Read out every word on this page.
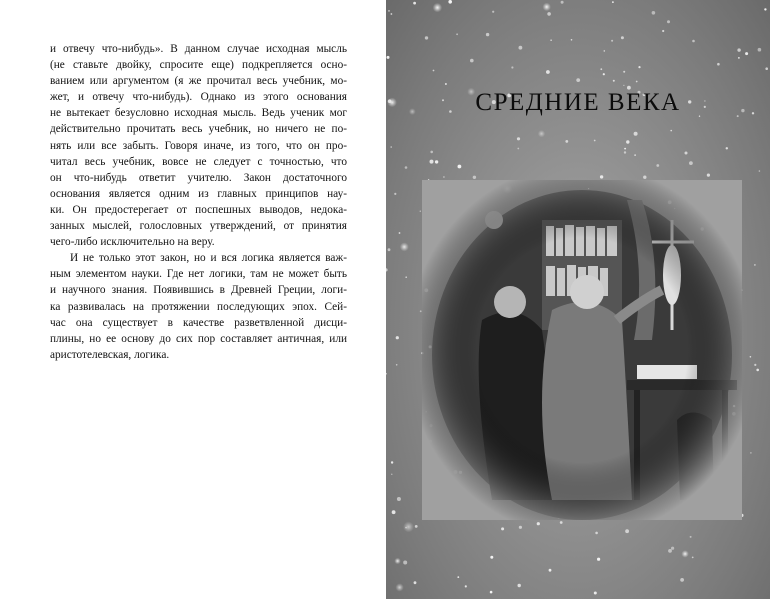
и отвечу что-нибудь». В данном случае исходная мысль
(не ставьте двойку, спросите еще) подкрепляется осно-
ванием или аргументом (я же прочитал весь учебник, мо-
жет, и отвечу что-нибудь). Однако из этого основания
не вытекает безусловно исходная мысль. Ведь ученик мог
действительно прочитать весь учебник, но ничего не по-
нять или все забыть. Говоря иначе, из того, что он про-
читал весь учебник, вовсе не следует с точностью, что
он что-нибудь ответит учителю. Закон достаточного
основания является одним из главных принципов нау-
ки. Он предостерегает от поспешных выводов, недока-
занных мыслей, голословных утверждений, от принятия
чего-либо исключительно на веру.

И не только этот закон, но и вся логика является важ-
ным элементом науки. Где нет логики, там не может быть
и научного знания. Появившись в Древней Греции, логи-
ка развивалась на протяжении последующих эпох. Сей-
час она существует в качестве разветвленной дисци-
плины, но ее основу до сих пор составляет античная, или
аристотелевская, логика.

СРЕДНИЕ ВЕКА
